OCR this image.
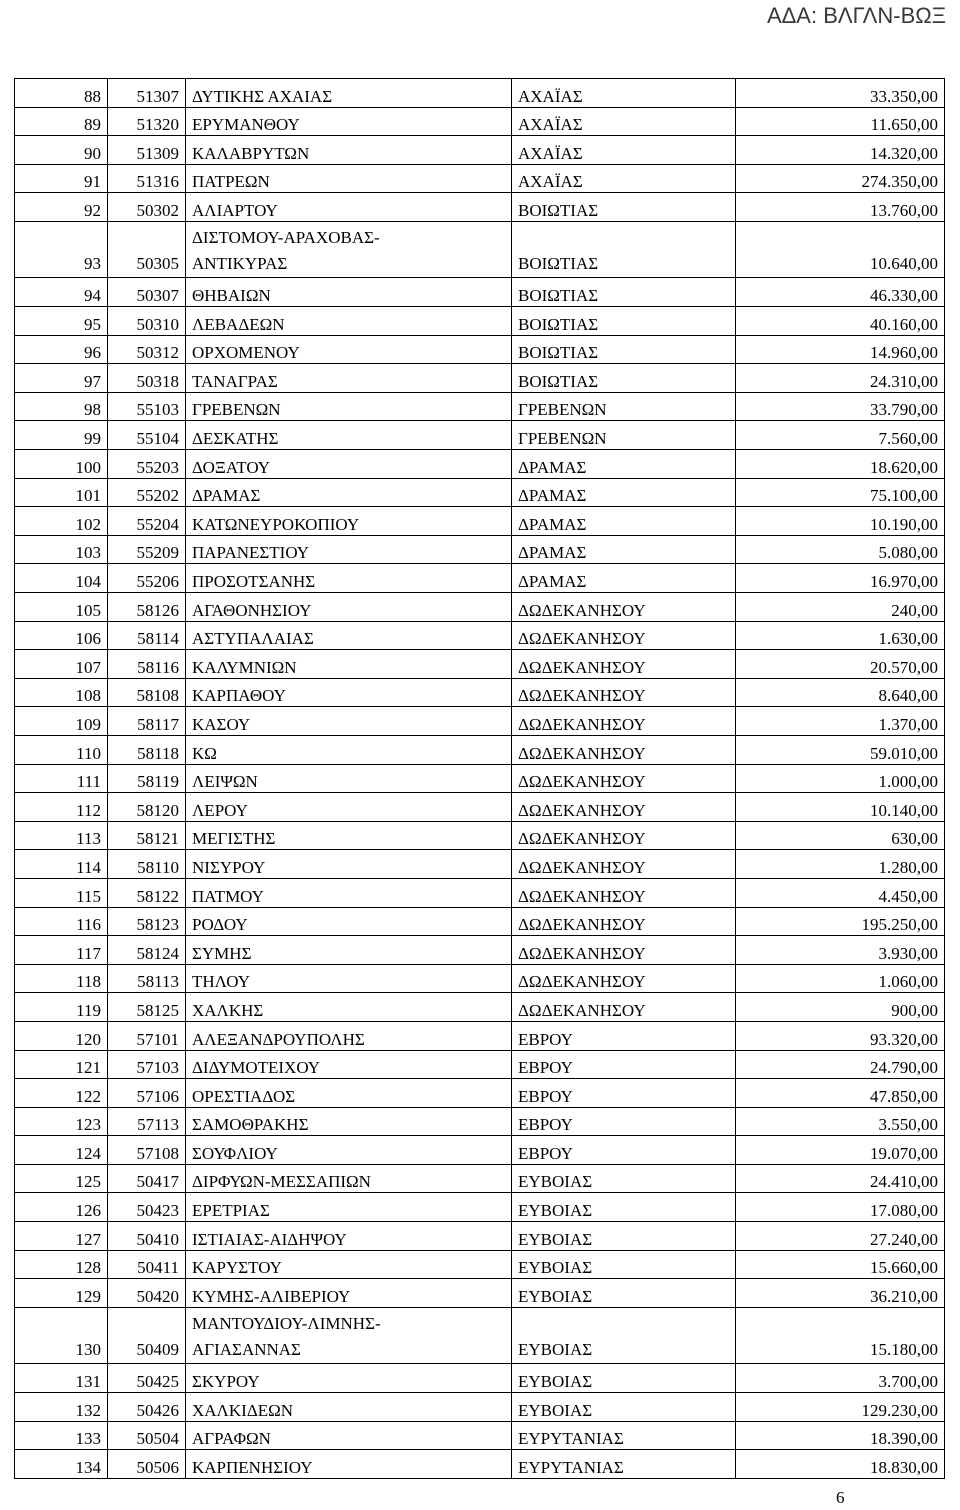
ΑΔΑ: ΒΛΓΛΝ-ΒΩΞ
88	51307	ΔΥΤΙΚΗΣ ΑΧΑΙΑΣ	ΑΧΑΪΑΣ	33.350,00
89	51320	ΕΡΥΜΑΝΘΟΥ	ΑΧΑΪΑΣ	11.650,00
90	51309	ΚΑΛΑΒΡΥΤΩΝ	ΑΧΑΪΑΣ	14.320,00
91	51316	ΠΑΤΡΕΩΝ	ΑΧΑΪΑΣ	274.350,00
92	50302	ΑΛΙΑΡΤΟΥ	ΒΟΙΩΤΙΑΣ	13.760,00
93	50305	ΔΙΣΤΟΜΟΥ-ΑΡΑΧΟΒΑΣ-
ΑΝΤΙΚΥΡΑΣ	ΒΟΙΩΤΙΑΣ	10.640,00
94	50307	ΘΗΒΑΙΩΝ	ΒΟΙΩΤΙΑΣ	46.330,00
95	50310	ΛΕΒΑΔΕΩΝ	ΒΟΙΩΤΙΑΣ	40.160,00
96	50312	ΟΡΧΟΜΕΝΟΥ	ΒΟΙΩΤΙΑΣ	14.960,00
97	50318	ΤΑΝΑΓΡΑΣ	ΒΟΙΩΤΙΑΣ	24.310,00
98	55103	ΓΡΕΒΕΝΩΝ	ΓΡΕΒΕΝΩΝ	33.790,00
99	55104	ΔΕΣΚΑΤΗΣ	ΓΡΕΒΕΝΩΝ	7.560,00
100	55203	ΔΟΞΑΤΟΥ	ΔΡΑΜΑΣ	18.620,00
101	55202	ΔΡΑΜΑΣ	ΔΡΑΜΑΣ	75.100,00
102	55204	ΚΑΤΩΝΕΥΡΟΚΟΠΙΟΥ	ΔΡΑΜΑΣ	10.190,00
103	55209	ΠΑΡΑΝΕΣΤΙΟΥ	ΔΡΑΜΑΣ	5.080,00
104	55206	ΠΡΟΣΟΤΣΑΝΗΣ	ΔΡΑΜΑΣ	16.970,00
105	58126	ΑΓΑΘΟΝΗΣΙΟΥ	ΔΩΔΕΚΑΝΗΣΟΥ	240,00
106	58114	ΑΣΤΥΠΑΛΑΙΑΣ	ΔΩΔΕΚΑΝΗΣΟΥ	1.630,00
107	58116	ΚΑΛΥΜΝΙΩΝ	ΔΩΔΕΚΑΝΗΣΟΥ	20.570,00
108	58108	ΚΑΡΠΑΘΟΥ	ΔΩΔΕΚΑΝΗΣΟΥ	8.640,00
109	58117	ΚΑΣΟΥ	ΔΩΔΕΚΑΝΗΣΟΥ	1.370,00
110	58118	ΚΩ	ΔΩΔΕΚΑΝΗΣΟΥ	59.010,00
111	58119	ΛΕΙΨΩΝ	ΔΩΔΕΚΑΝΗΣΟΥ	1.000,00
112	58120	ΛΕΡΟΥ	ΔΩΔΕΚΑΝΗΣΟΥ	10.140,00
113	58121	ΜΕΓΙΣΤΗΣ	ΔΩΔΕΚΑΝΗΣΟΥ	630,00
114	58110	ΝΙΣΥΡΟΥ	ΔΩΔΕΚΑΝΗΣΟΥ	1.280,00
115	58122	ΠΑΤΜΟΥ	ΔΩΔΕΚΑΝΗΣΟΥ	4.450,00
116	58123	ΡΟΔΟΥ	ΔΩΔΕΚΑΝΗΣΟΥ	195.250,00
117	58124	ΣΥΜΗΣ	ΔΩΔΕΚΑΝΗΣΟΥ	3.930,00
118	58113	ΤΗΛΟΥ	ΔΩΔΕΚΑΝΗΣΟΥ	1.060,00
119	58125	ΧΑΛΚΗΣ	ΔΩΔΕΚΑΝΗΣΟΥ	900,00
120	57101	ΑΛΕΞΑΝΔΡΟΥΠΟΛΗΣ	ΕΒΡΟΥ	93.320,00
121	57103	ΔΙΔΥΜΟΤΕΙΧΟΥ	ΕΒΡΟΥ	24.790,00
122	57106	ΟΡΕΣΤΙΑΔΟΣ	ΕΒΡΟΥ	47.850,00
123	57113	ΣΑΜΟΘΡΑΚΗΣ	ΕΒΡΟΥ	3.550,00
124	57108	ΣΟΥΦΛΙΟΥ	ΕΒΡΟΥ	19.070,00
125	50417	ΔΙΡΦΥΩΝ-ΜΕΣΣΑΠΙΩΝ	ΕΥΒΟΙΑΣ	24.410,00
126	50423	ΕΡΕΤΡΙΑΣ	ΕΥΒΟΙΑΣ	17.080,00
127	50410	ΙΣΤΙΑΙΑΣ-ΑΙΔΗΨΟΥ	ΕΥΒΟΙΑΣ	27.240,00
128	50411	ΚΑΡΥΣΤΟΥ	ΕΥΒΟΙΑΣ	15.660,00
129	50420	ΚΥΜΗΣ-ΑΛΙΒΕΡΙΟΥ	ΕΥΒΟΙΑΣ	36.210,00
130	50409	ΜΑΝΤΟΥΔΙΟΥ-ΛΙΜΝΗΣ-
ΑΓΙΑΣΑΝΝΑΣ	ΕΥΒΟΙΑΣ	15.180,00
131	50425	ΣΚΥΡΟΥ	ΕΥΒΟΙΑΣ	3.700,00
132	50426	ΧΑΛΚΙΔΕΩΝ	ΕΥΒΟΙΑΣ	129.230,00
133	50504	ΑΓΡΑΦΩΝ	ΕΥΡΥΤΑΝΙΑΣ	18.390,00
134	50506	ΚΑΡΠΕΝΗΣΙΟΥ	ΕΥΡΥΤΑΝΙΑΣ	18.830,00
6
